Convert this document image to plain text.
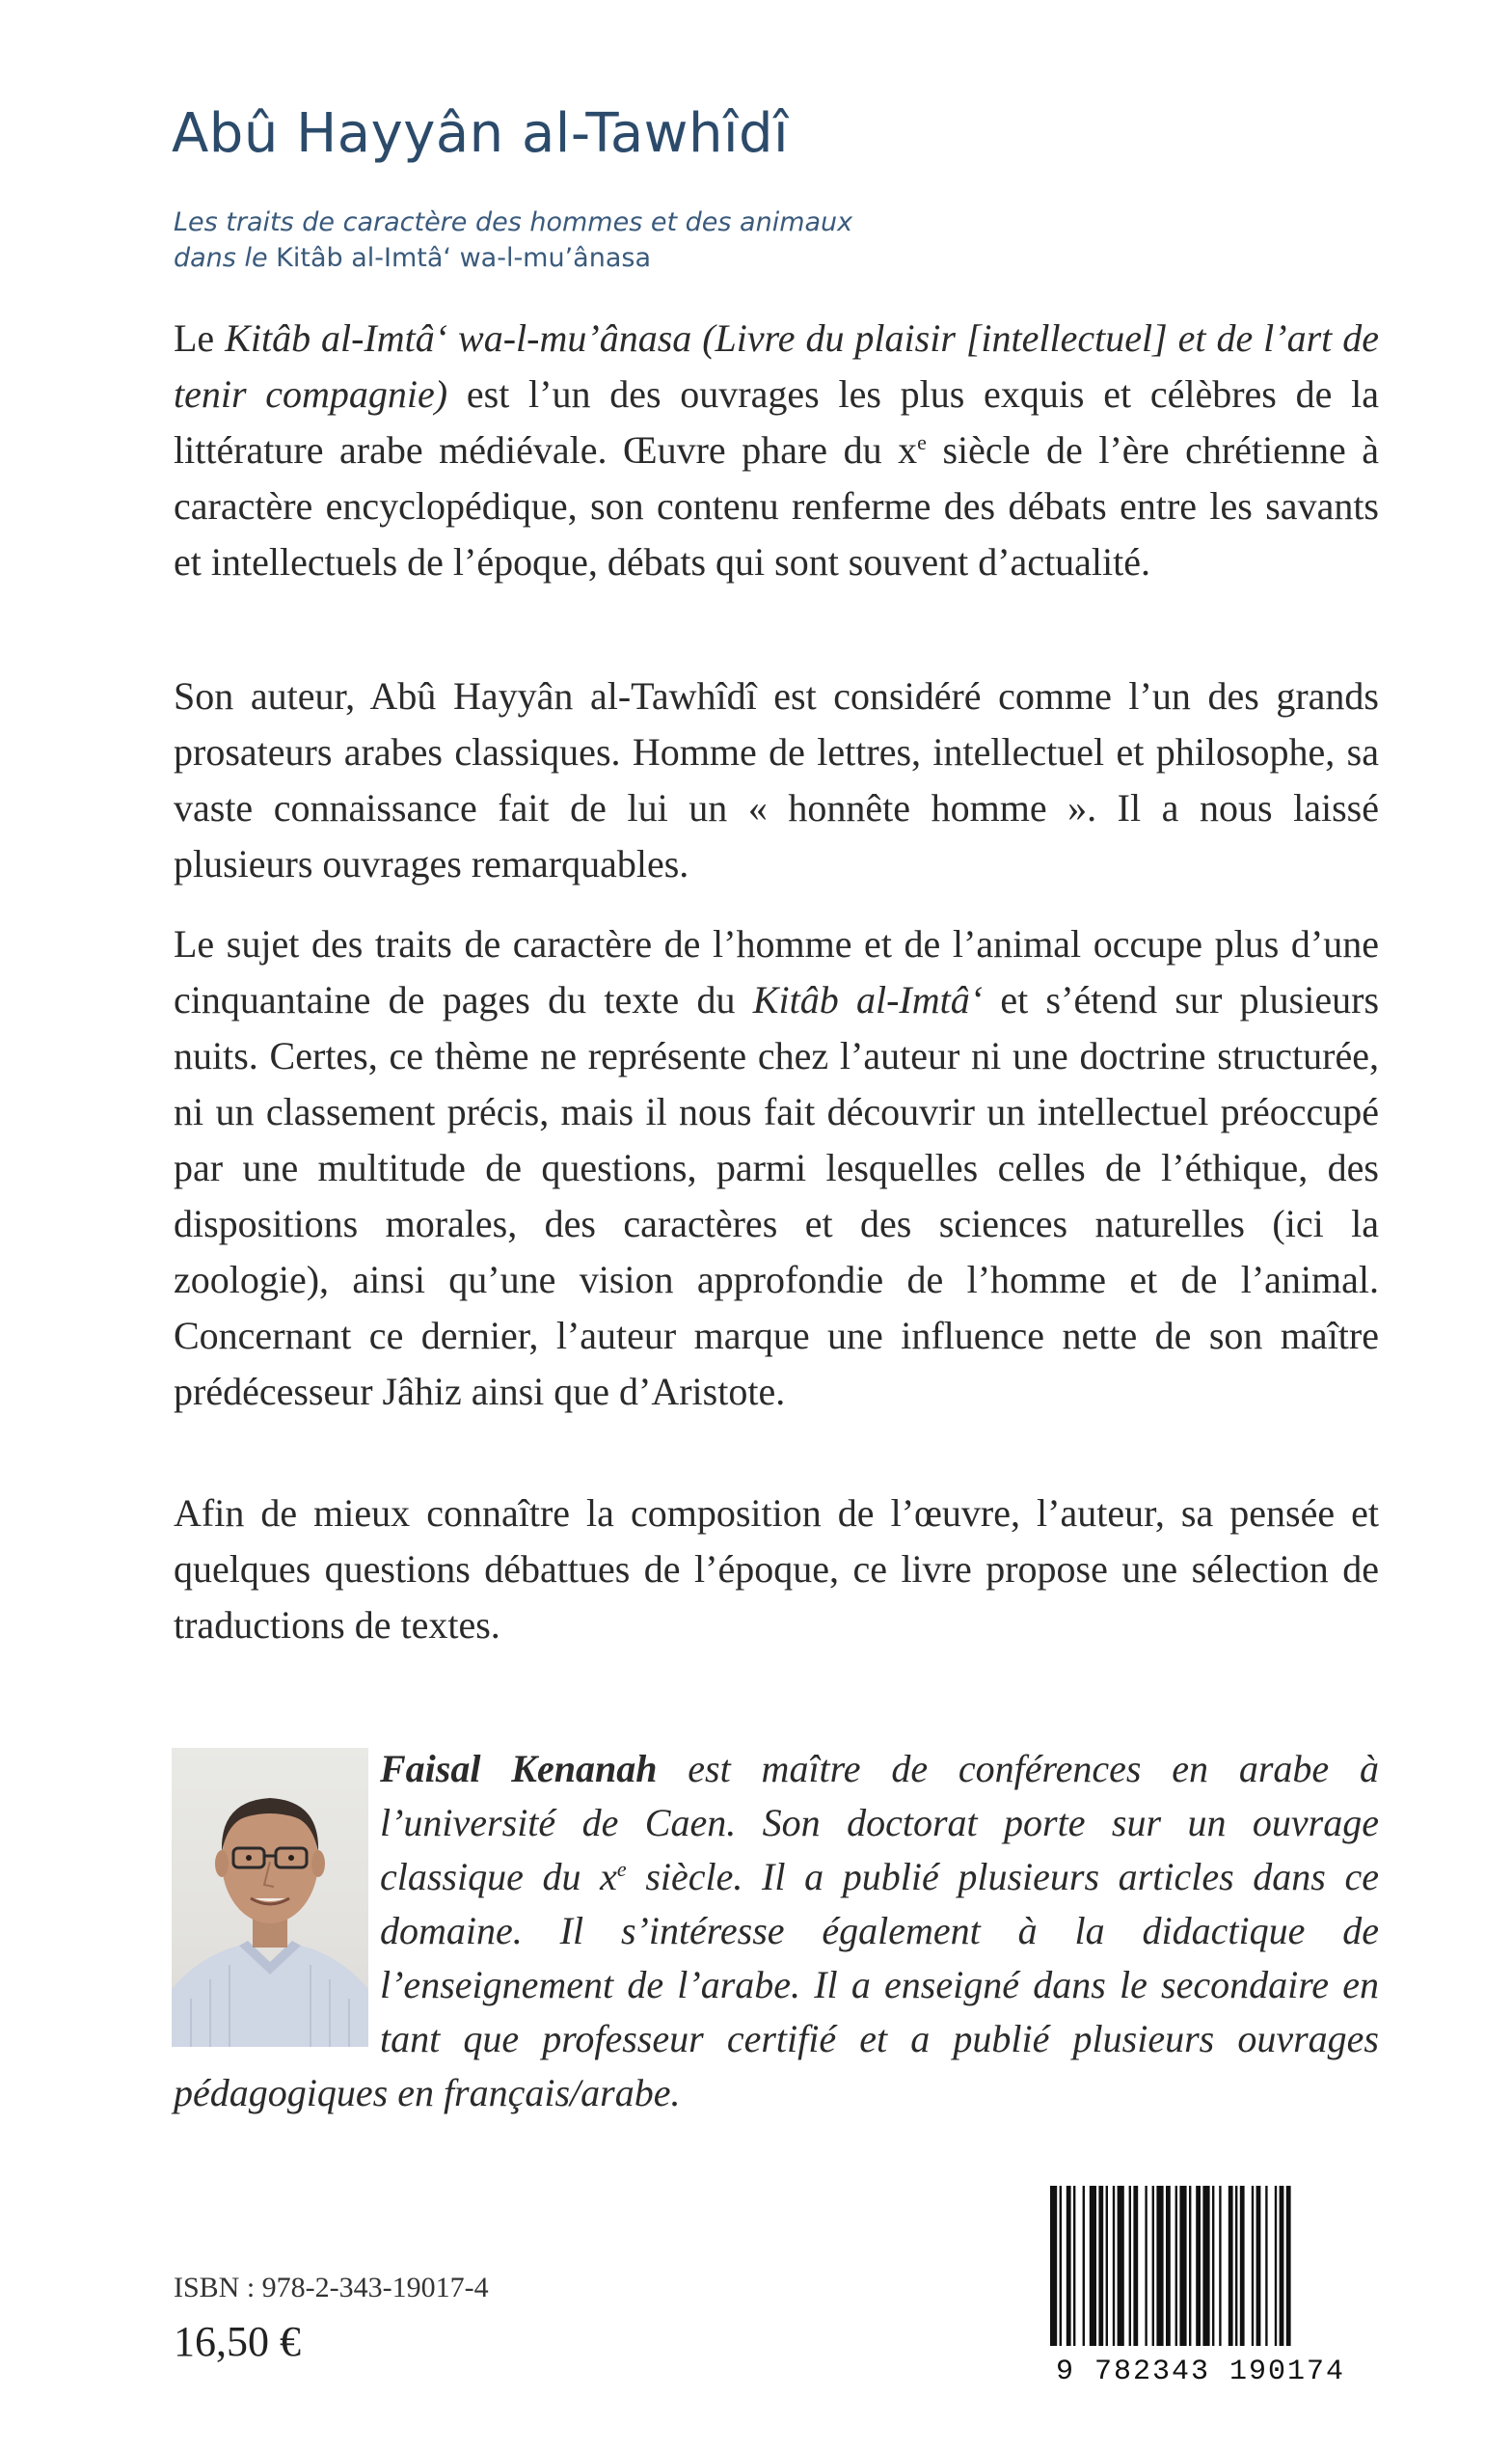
Abû Hayyân al-Tawhîdî
Les traits de caractère des hommes et des animaux
dans le Kitâb al-Imtâ‘ wa-l-mu’ânasa

Le Kitâb al-Imtâ‘ wa-l-mu’ânasa (Livre du plaisir [intellectuel] et de l’art de tenir compagnie) est l’un des ouvrages les plus exquis et célèbres de la littérature arabe médiévale. Œuvre phare du $x^e$ siècle de l’ère chrétienne à caractère encyclopédique, son contenu renferme des débats entre les savants et intellectuels de l’époque, débats qui sont souvent d’actualité.

Son auteur, Abû Hayyân al-Tawhîdî est considéré comme l’un des grands prosateurs arabes classiques. Homme de lettres, intellectuel et philosophe, sa vaste connaissance fait de lui un « honnête homme ». Il a nous laissé plusieurs ouvrages remarquables.

Le sujet des traits de caractère de l’homme et de l’animal occupe plus d’une cinquantaine de pages du texte du Kitâb al-Imtâ‘ et s’étend sur plusieurs nuits. Certes, ce thème ne représente chez l’auteur ni une doctrine structurée, ni un classement précis, mais il nous fait découvrir un intellectuel préoccupé par une multitude de questions, parmi lesquelles celles de l’éthique, des dispositions morales, des caractères et des sciences naturelles (ici la zoologie), ainsi qu’une vision approfondie de l’homme et de l’animal. Concernant ce dernier, l’auteur marque une influence nette de son maître prédécesseur Jâhiz ainsi que d’Aristote.

Afin de mieux connaître la composition de l’œuvre, l’auteur, sa pensée et quelques questions débattues de l’époque, ce livre propose une sélection de traductions de textes.

Faisal Kenanah est maître de conférences en arabe à l’université de Caen. Son doctorat porte sur un ouvrage classique du $x^e$ siècle. Il a publié plusieurs articles dans ce domaine. Il s’intéresse également à la didactique de l’enseignement de l’arabe. Il a enseigné dans le secondaire en tant que professeur certifié et a publié plusieurs ouvrages pédagogiques en français/arabe.

ISBN : 978-2-343-19017-4
16,50 €
9 782343 190174
